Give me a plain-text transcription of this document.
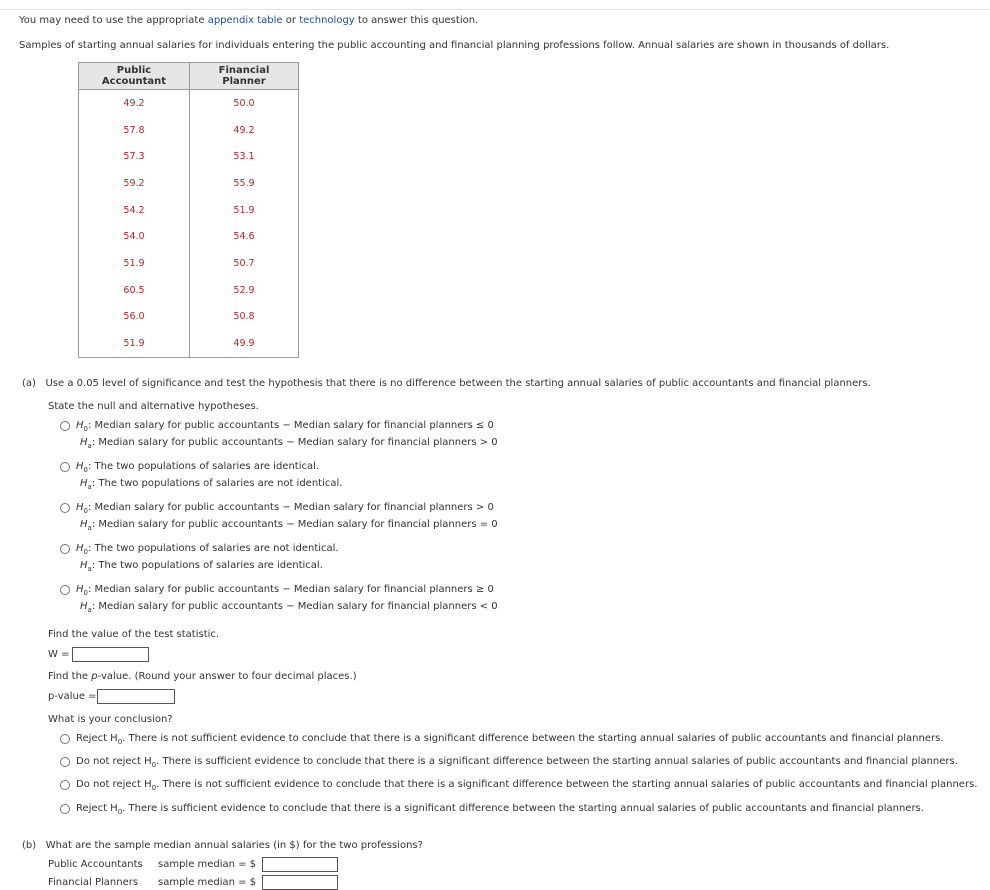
You may need to use the appropriate appendix table or technology to answer this question.
Samples of starting annual salaries for individuals entering the public accounting and financial planning professions follow. Annual salaries are shown in thousands of dollars.
Public Accountant	Financial Planner
49.2	50.0
57.8	49.2
57.3	53.1
59.2	55.9
54.2	51.9
54.0	54.6
51.9	50.7
60.5	52.9
56.0	50.8
51.9	49.9
(a) Use a 0.05 level of significance and test the hypothesis that there is no difference between the starting annual salaries of public accountants and financial planners.
State the null and alternative hypotheses.
$H_0$: Median salary for public accountants − Median salary for financial planners ≤ 0
$H_a$: Median salary for public accountants − Median salary for financial planners > 0
$H_0$: The two populations of salaries are identical.
$H_a$: The two populations of salaries are not identical.
$H_0$: Median salary for public accountants − Median salary for financial planners > 0
$H_a$: Median salary for public accountants − Median salary for financial planners = 0
$H_0$: The two populations of salaries are not identical.
$H_a$: The two populations of salaries are identical.
$H_0$: Median salary for public accountants − Median salary for financial planners ≥ 0
$H_a$: Median salary for public accountants − Median salary for financial planners < 0
Find the value of the test statistic.
W =
Find the p-value. (Round your answer to four decimal places.)
p-value =
What is your conclusion?
Reject $H_0$. There is not sufficient evidence to conclude that there is a significant difference between the starting annual salaries of public accountants and financial planners.
Do not reject $H_0$. There is sufficient evidence to conclude that there is a significant difference between the starting annual salaries of public accountants and financial planners.
Do not reject $H_0$. There is not sufficient evidence to conclude that there is a significant difference between the starting annual salaries of public accountants and financial planners.
Reject $H_0$. There is sufficient evidence to conclude that there is a significant difference between the starting annual salaries of public accountants and financial planners.
(b) What are the sample median annual salaries (in $) for the two professions?
Public Accountants sample median = $
Financial Planners sample median = $
